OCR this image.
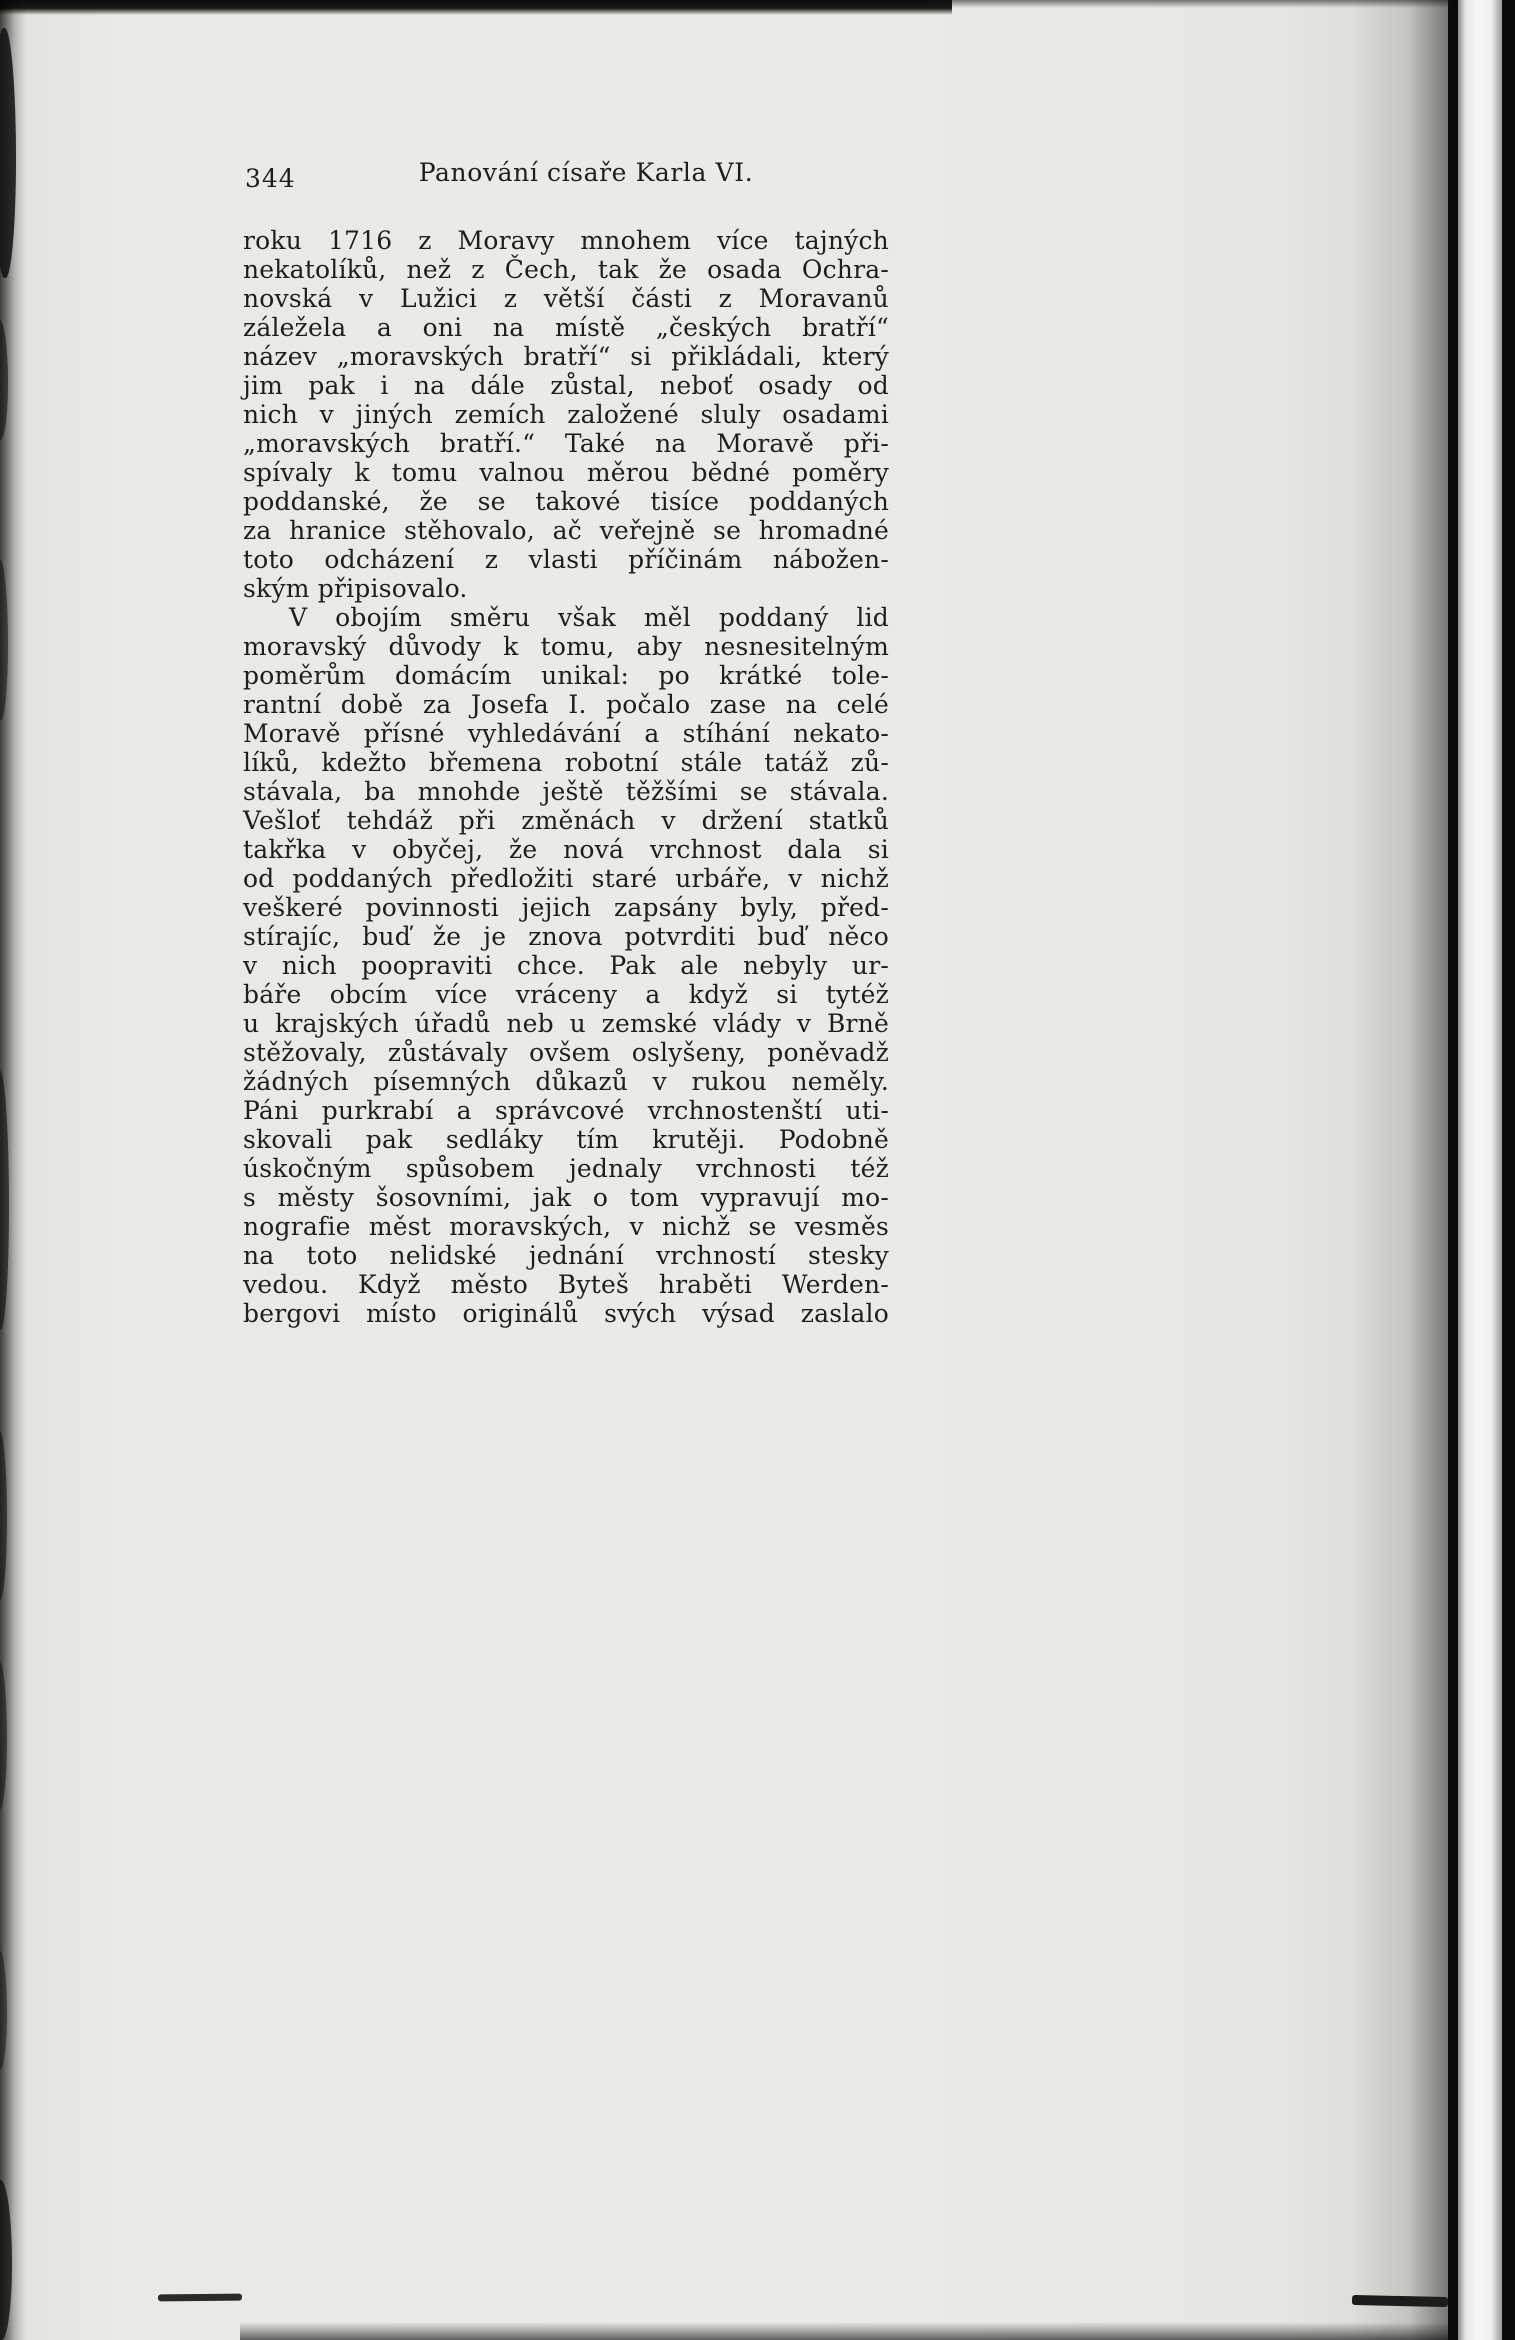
344	Panování císaře Karla VI.
roku 1716 z Moravy mnohem více tajných
nekatolíků, než z Čech, tak že osada Ochra-
novská v Lužici z větší části z Moravanů
záležela a oni na místě „českých bratří“
název „moravských bratří“ si přikládali, který
jim pak i na dále zůstal, neboť osady od
nich v jiných zemích založené sluly osadami
„moravských bratří.“ Také na Moravě při-
spívaly k tomu valnou měrou bědné poměry
poddanské, že se takové tisíce poddaných
za hranice stěhovalo, ač veřejně se hromadné
toto odcházení z vlasti příčinám nábožen-
ským připisovalo.
V obojím směru však měl poddaný lid
moravský důvody k tomu, aby nesnesitelným
poměrům domácím unikal: po krátké tole-
rantní době za Josefa I. počalo zase na celé
Moravě přísné vyhledávání a stíhání nekato-
líků, kdežto břemena robotní stále tatáž zů-
stávala, ba mnohde ještě těžšími se stávala.
Vešloť tehdáž při změnách v držení statků
takřka v obyčej, že nová vrchnost dala si
od poddaných předložiti staré urbáře, v nichž
veškeré povinnosti jejich zapsány byly, před-
stírajíc, buď že je znova potvrditi buď něco
v nich poopraviti chce. Pak ale nebyly ur-
báře obcím více vráceny a když si tytéž
u krajských úřadů neb u zemské vlády v Brně
stěžovaly, zůstávaly ovšem oslyšeny, poněvadž
žádných písemných důkazů v rukou neměly.
Páni purkrabí a správcové vrchnostenští uti-
skovali pak sedláky tím krutěji. Podobně
úskočným spůsobem jednaly vrchnosti též
s městy šosovními, jak o tom vypravují mo-
nografie měst moravských, v nichž se vesměs
na toto nelidské jednání vrchností stesky
vedou. Když město Byteš hraběti Werden-
bergovi místo originálů svých výsad zaslalo
